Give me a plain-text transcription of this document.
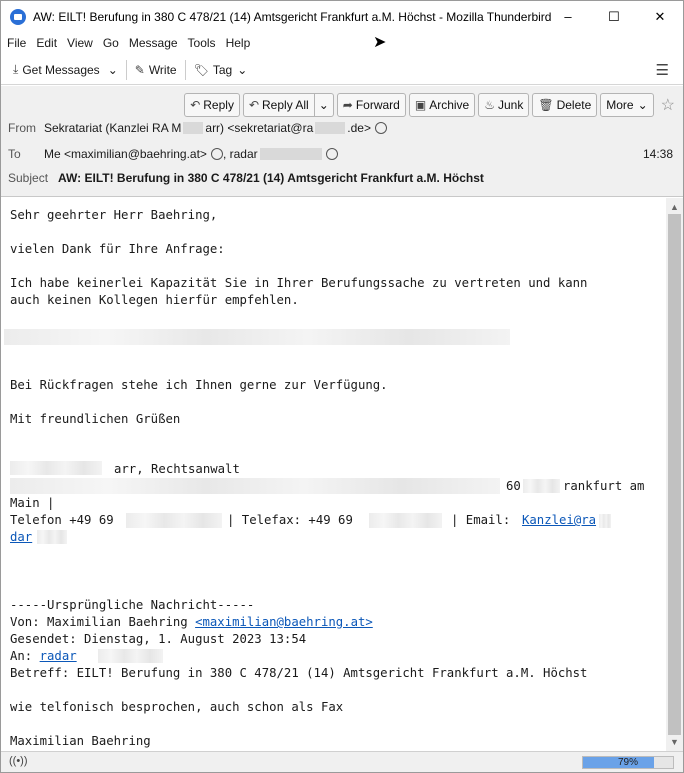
AW: EILT! Berufung in 380 C 478/21 (14) Amtsgericht Frankfurt a.M. Höchst - Mozilla Thunderbird –	☐	✕
➤
File Edit View Go Message Tools Help
⤓ Get Messages ⌄ ✎ Write 🏷 Tag ⌄	☰
↶ Reply ↶ Reply All ⌄ ➦ Forward ▣ Archive ♨ Junk 🗑 Delete More ⌄ ☆
From Sekratariat (Kanzlei RA M arr) <sekretariat@ra	.de>
To	Me <maximilian@baehring.at> , radar	14:38
Subject AW: EILT! Berufung in 380 C 478/21 (14) Amtsgericht Frankfurt a.M. Höchst
Sehr geehrter Herr Baehring,
vielen Dank für Ihre Anfrage:
Ich habe keinerlei Kapazität Sie in Ihrer Berufungssache zu vertreten und kann
auch keinen Kollegen hierfür empfehlen.
Bei Rückfragen stehe ich Ihnen gerne zur Verfügung.
Mit freundlichen Grüßen
arr, Rechtsanwalt
60	rankfurt am
Main |
Telefon +49 69	| Telefax: +49 69	| Email: Kanzlei@ra
dar
-----Ursprüngliche Nachricht-----
Von: Maximilian Baehring <maximilian@baehring.at>
Gesendet: Dienstag, 1. August 2023 13:54
An: radar
Betreff: EILT! Berufung in 380 C 478/21 (14) Amtsgericht Frankfurt a.M. Höchst
wie telfonisch besprochen, auch schon als Fax
Maximilian Baehring
▲
▼
((•))	79%
